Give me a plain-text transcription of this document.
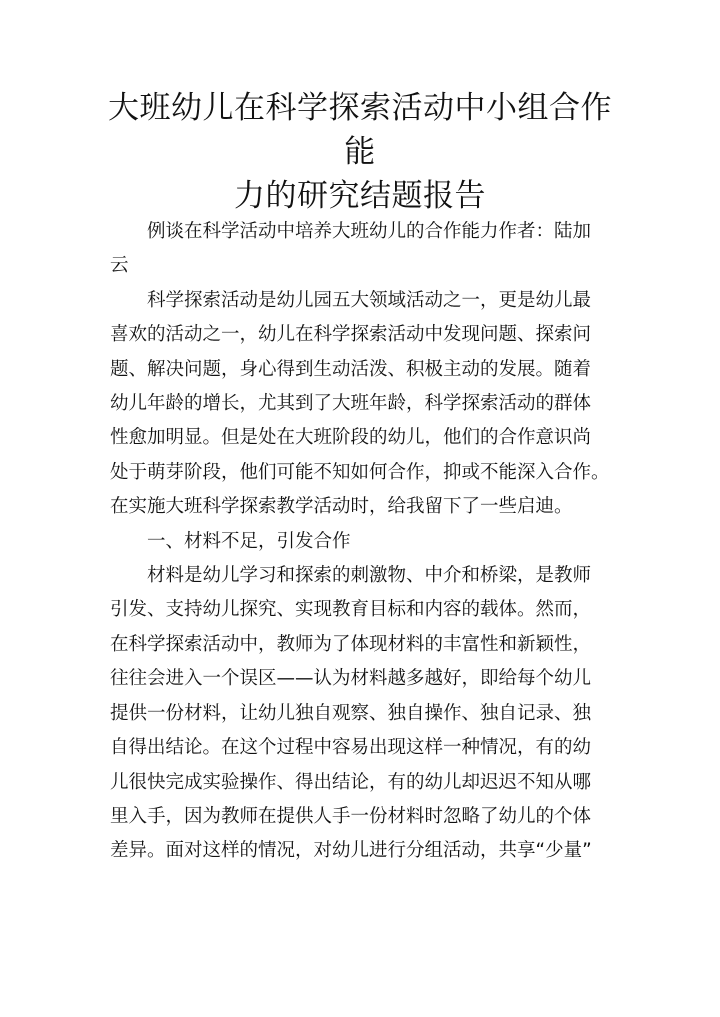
大班幼儿在科学探索活动中小组合作能
力的研究结题报告

例谈在科学活动中培养大班幼儿的合作能力作者：陆加
云

科学探索活动是幼儿园五大领域活动之一，更是幼儿最
喜欢的活动之一，幼儿在科学探索活动中发现问题、探索问
题、解决问题，身心得到生动活泼、积极主动的发展。随着
幼儿年龄的增长，尤其到了大班年龄，科学探索活动的群体
性愈加明显。但是处在大班阶段的幼儿，他们的合作意识尚
处于萌芽阶段，他们可能不知如何合作，抑或不能深入合作。
在实施大班科学探索教学活动时，给我留下了一些启迪。

一、材料不足，引发合作

材料是幼儿学习和探索的刺激物、中介和桥梁，是教师
引发、支持幼儿探究、实现教育目标和内容的载体。然而，
在科学探索活动中，教师为了体现材料的丰富性和新颖性，
往往会进入一个误区——认为材料越多越好，即给每个幼儿
提供一份材料，让幼儿独自观察、独自操作、独自记录、独
自得出结论。在这个过程中容易出现这样一种情况，有的幼
儿很快完成实验操作、得出结论，有的幼儿却迟迟不知从哪
里入手，因为教师在提供人手一份材料时忽略了幼儿的个体
差异。面对这样的情况，对幼儿进行分组活动，共享“少量”
